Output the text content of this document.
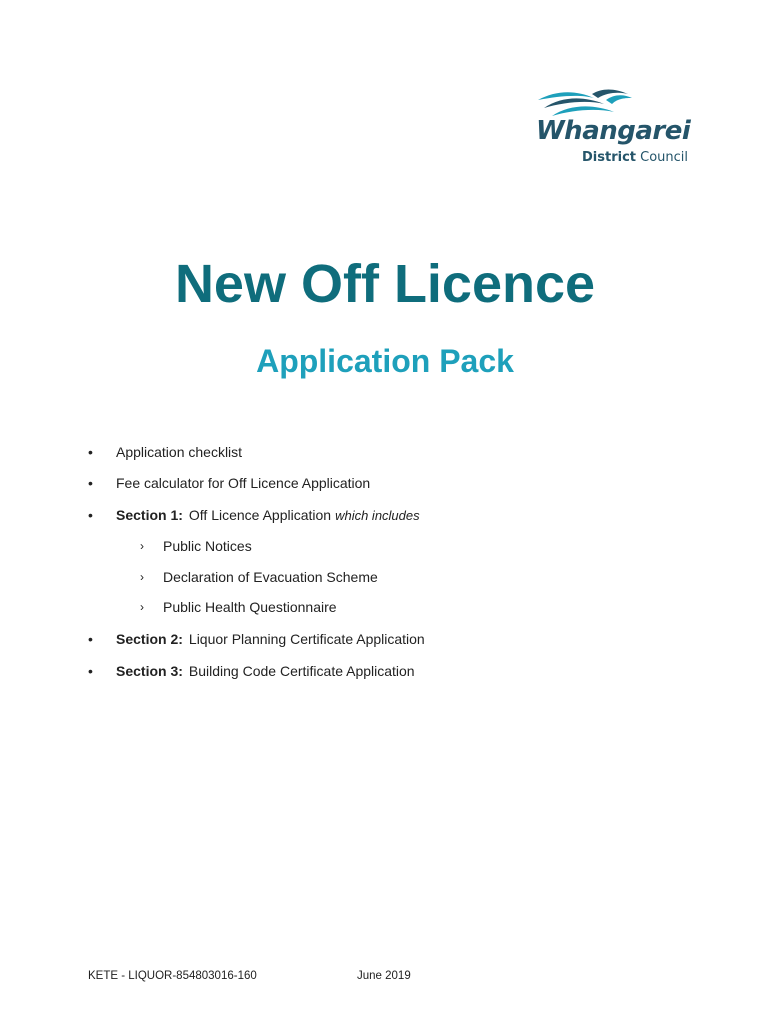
Whangarei
District Council
New Off Licence
Application Pack
• Application checklist
• Fee calculator for Off Licence Application
• Section 1: Off Licence Application which includes
› Public Notices
› Declaration of Evacuation Scheme
› Public Health Questionnaire
• Section 2: Liquor Planning Certificate Application
• Section 3: Building Code Certificate Application
KETE - LIQUOR-854803016-160	June 2019
